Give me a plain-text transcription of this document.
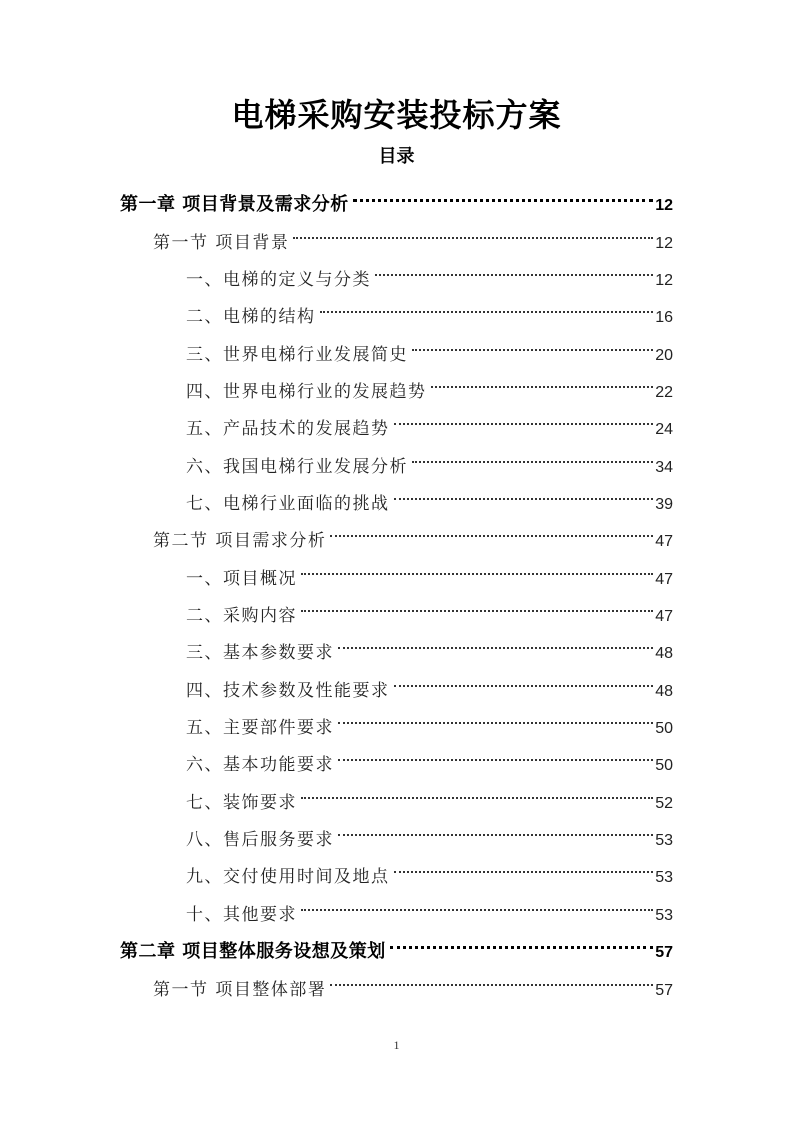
电梯采购安装投标方案
目录
第一章 项目背景及需求分析	12
第一节 项目背景	12
一、电梯的定义与分类	12
二、电梯的结构	16
三、世界电梯行业发展简史	20
四、世界电梯行业的发展趋势	22
五、产品技术的发展趋势	24
六、我国电梯行业发展分析	34
七、电梯行业面临的挑战	39
第二节 项目需求分析	47
一、项目概况	47
二、采购内容	47
三、基本参数要求	48
四、技术参数及性能要求	48
五、主要部件要求	50
六、基本功能要求	50
七、装饰要求	52
八、售后服务要求	53
九、交付使用时间及地点	53
十、其他要求	53
第二章 项目整体服务设想及策划	57
第一节 项目整体部署	57
1
